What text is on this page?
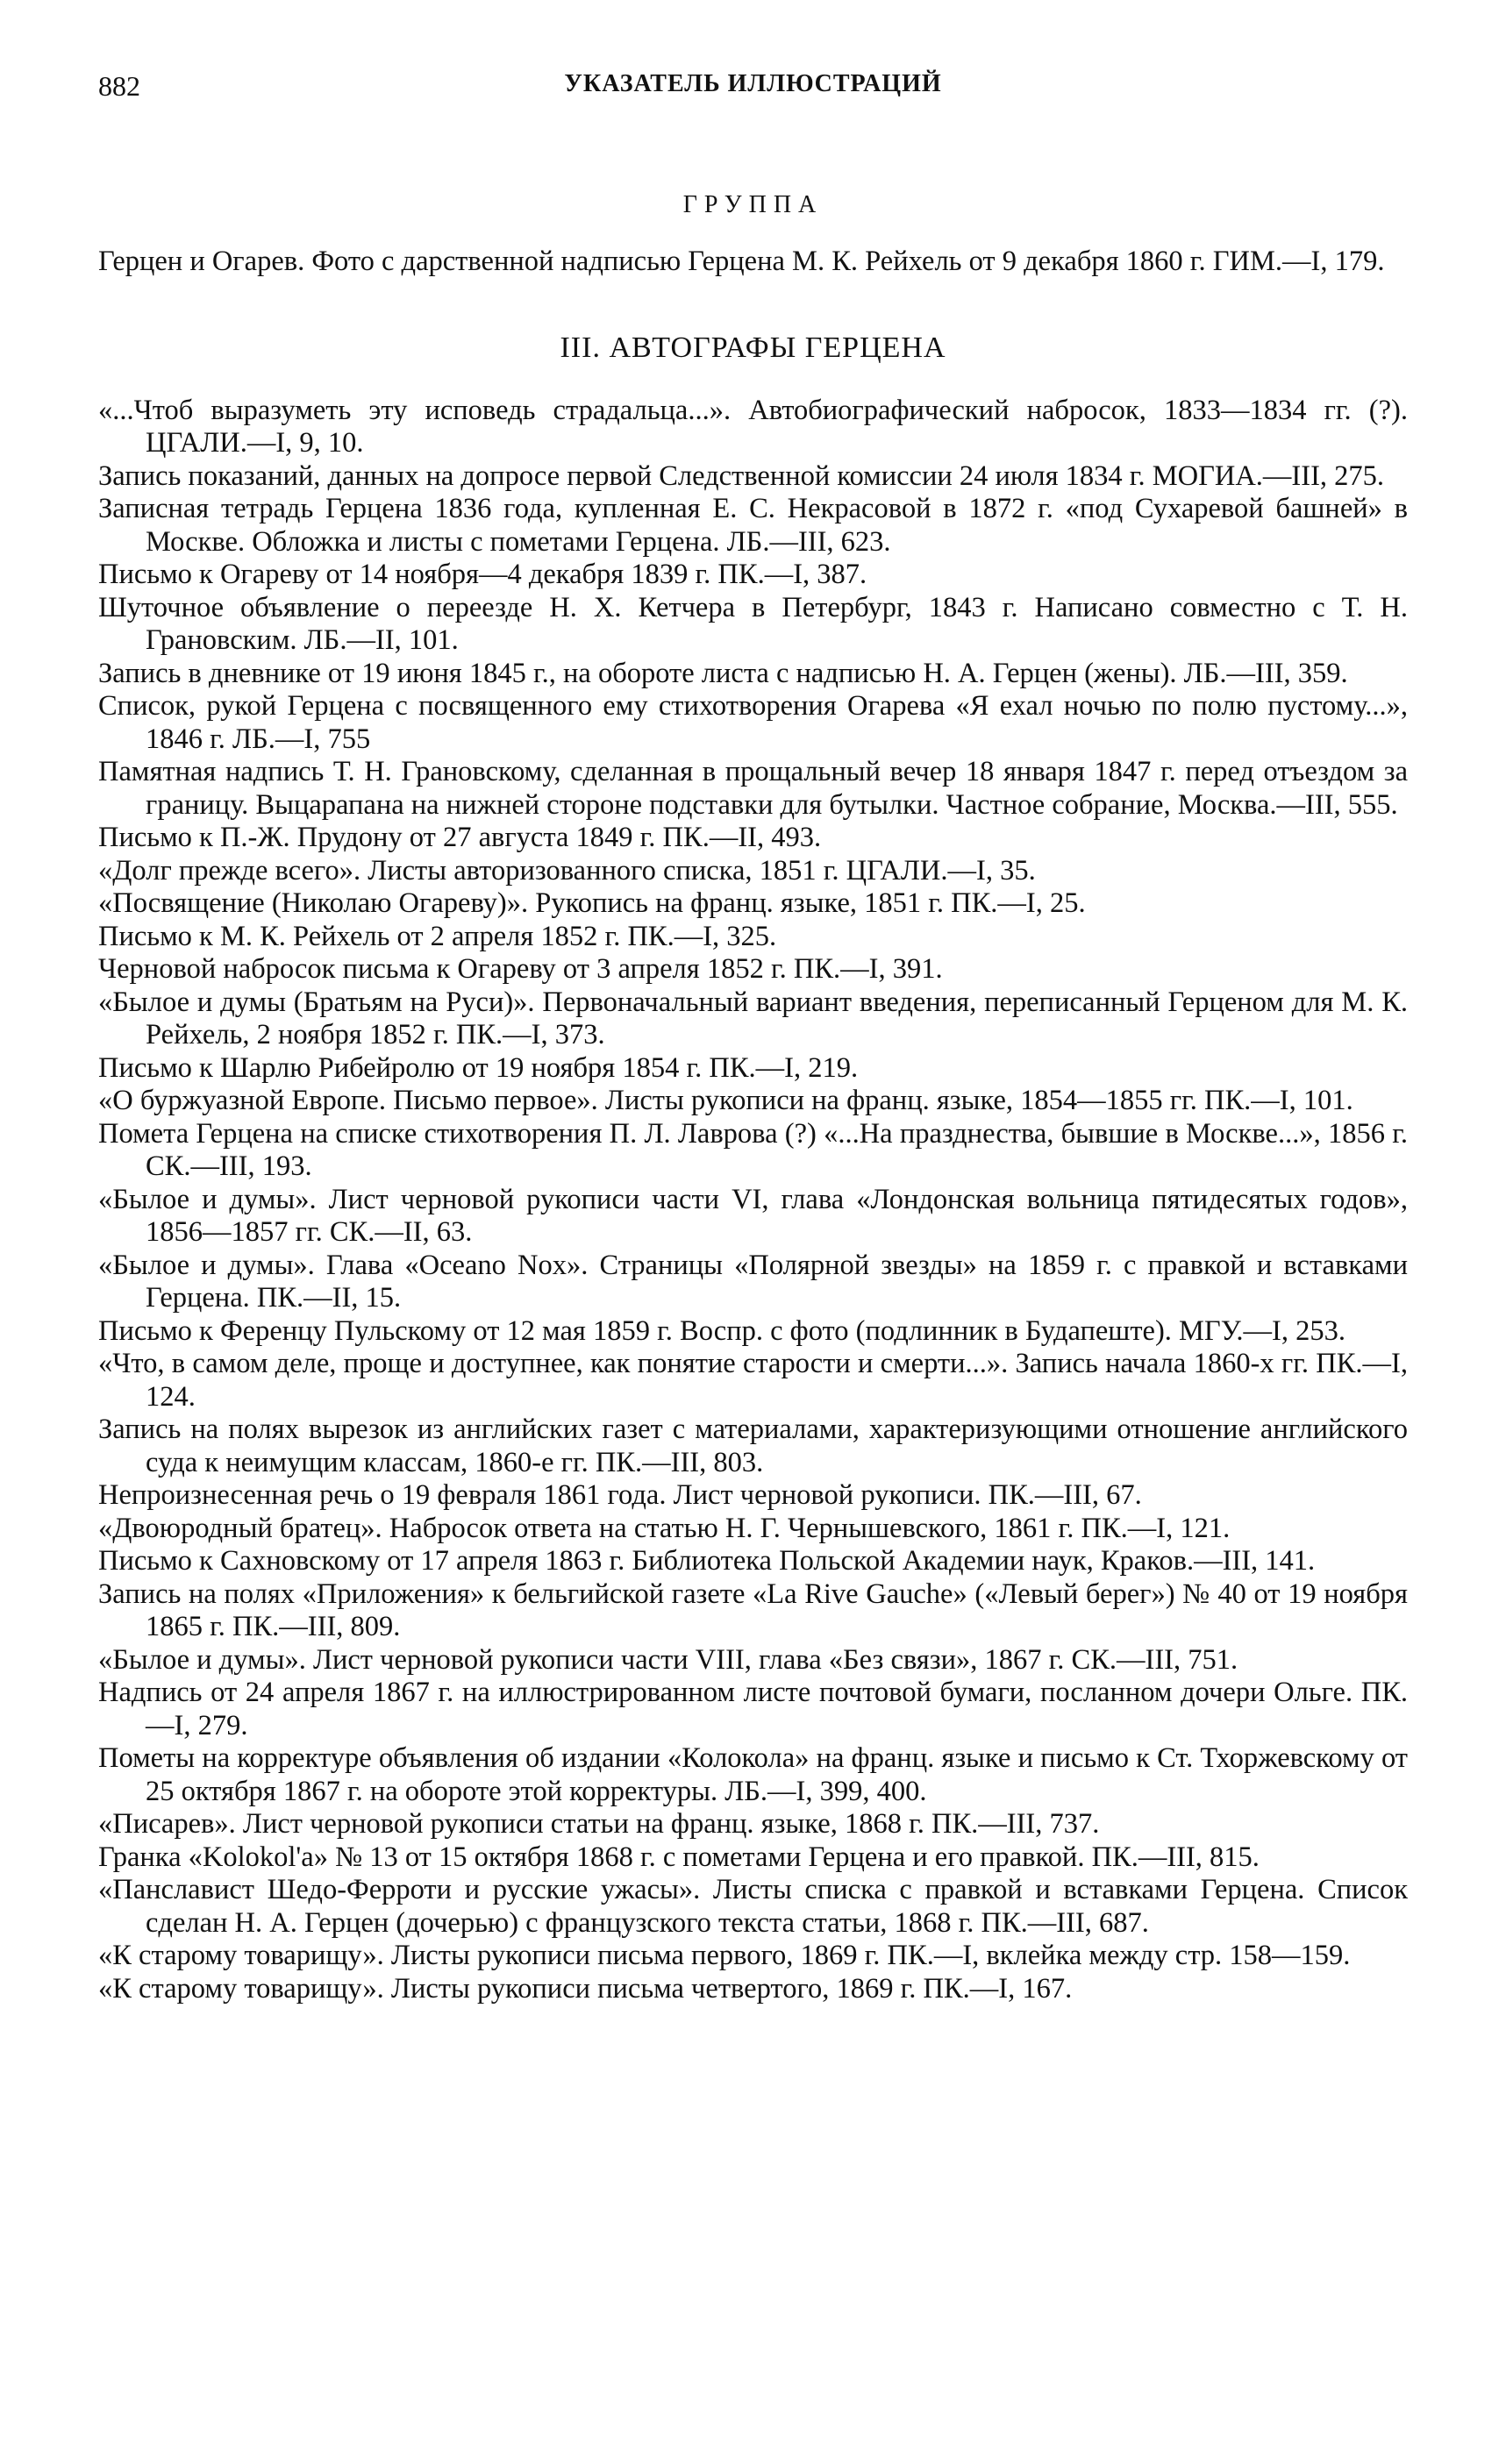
882	УКАЗАТЕЛЬ ИЛЛЮСТРАЦИЙ
ГРУППА
Герцен и Огарев. Фото с дарственной надписью Герцена М. К. Рейхель от 9 декабря 1860 г. ГИМ.—I, 179.
III. АВТОГРАФЫ ГЕРЦЕНА
«...Чтоб выразуметь эту исповедь страдальца...». Автобиографический набросок, 1833—1834 гг. (?). ЦГАЛИ.—I, 9, 10.
Запись показаний, данных на допросе первой Следственной комиссии 24 июля 1834 г. МОГИА.—III, 275.
Записная тетрадь Герцена 1836 года, купленная Е. С. Некрасовой в 1872 г. «под Сухаревой башней» в Москве. Обложка и листы с пометами Герцена. ЛБ.—III, 623.
Письмо к Огареву от 14 ноября—4 декабря 1839 г. ПК.—I, 387.
Шуточное объявление о переезде Н. Х. Кетчера в Петербург, 1843 г. Написано совместно с Т. Н. Грановским. ЛБ.—II, 101.
Запись в дневнике от 19 июня 1845 г., на обороте листа с надписью Н. А. Герцен (жены). ЛБ.—III, 359.
Список, рукой Герцена с посвященного ему стихотворения Огарева «Я ехал ночью по полю пустому...», 1846 г. ЛБ.—I, 755
Памятная надпись Т. Н. Грановскому, сделанная в прощальный вечер 18 января 1847 г. перед отъездом за границу. Выцарапана на нижней стороне подставки для бутылки. Частное собрание, Москва.—III, 555.
Письмо к П.-Ж. Прудону от 27 августа 1849 г. ПК.—II, 493.
«Долг прежде всего». Листы авторизованного списка, 1851 г. ЦГАЛИ.—I, 35.
«Посвящение (Николаю Огареву)». Рукопись на франц. языке, 1851 г. ПК.—I, 25.
Письмо к М. К. Рейхель от 2 апреля 1852 г. ПК.—I, 325.
Черновой набросок письма к Огареву от 3 апреля 1852 г. ПК.—I, 391.
«Былое и думы (Братьям на Руси)». Первоначальный вариант введения, переписанный Герценом для М. К. Рейхель, 2 ноября 1852 г. ПК.—I, 373.
Письмо к Шарлю Рибейролю от 19 ноября 1854 г. ПК.—I, 219.
«О буржуазной Европе. Письмо первое». Листы рукописи на франц. языке, 1854—1855 гг. ПК.—I, 101.
Помета Герцена на списке стихотворения П. Л. Лаврова (?) «...На празднества, бывшие в Москве...», 1856 г. СК.—III, 193.
«Былое и думы». Лист черновой рукописи части VI, глава «Лондонская вольница пятидесятых годов», 1856—1857 гг. СК.—II, 63.
«Былое и думы». Глава «Oceano Nox». Страницы «Полярной звезды» на 1859 г. с правкой и вставками Герцена. ПК.—II, 15.
Письмо к Ференцу Пульскому от 12 мая 1859 г. Воспр. с фото (подлинник в Будапеште). МГУ.—I, 253.
«Что, в самом деле, проще и доступнее, как понятие старости и смерти...». Запись начала 1860-х гг. ПК.—I, 124.
Запись на полях вырезок из английских газет с материалами, характеризующими отношение английского суда к неимущим классам, 1860-е гг. ПК.—III, 803.
Непроизнесенная речь о 19 февраля 1861 года. Лист черновой рукописи. ПК.—III, 67.
«Двоюродный братец». Набросок ответа на статью Н. Г. Чернышевского, 1861 г. ПК.—I, 121.
Письмо к Сахновскому от 17 апреля 1863 г. Библиотека Польской Академии наук, Краков.—III, 141.
Запись на полях «Приложения» к бельгийской газете «La Rive Gauche» («Левый берег») № 40 от 19 ноября 1865 г. ПК.—III, 809.
«Былое и думы». Лист черновой рукописи части VIII, глава «Без связи», 1867 г. СК.—III, 751.
Надпись от 24 апреля 1867 г. на иллюстрированном листе почтовой бумаги, посланном дочери Ольге. ПК.—I, 279.
Пометы на корректуре объявления об издании «Колокола» на франц. языке и письмо к Ст. Тхоржевскому от 25 октября 1867 г. на обороте этой корректуры. ЛБ.—I, 399, 400.
«Писарев». Лист черновой рукописи статьи на франц. языке, 1868 г. ПК.—III, 737.
Гранка «Kolokol'a» № 13 от 15 октября 1868 г. с пометами Герцена и его правкой. ПК.—III, 815.
«Панславист Шедо-Ферроти и русские ужасы». Листы списка с правкой и вставками Герцена. Список сделан Н. А. Герцен (дочерью) с французского текста статьи, 1868 г. ПК.—III, 687.
«К старому товарищу». Листы рукописи письма первого, 1869 г. ПК.—I, вклейка между стр. 158—159.
«К старому товарищу». Листы рукописи письма четвертого, 1869 г. ПК.—I, 167.
